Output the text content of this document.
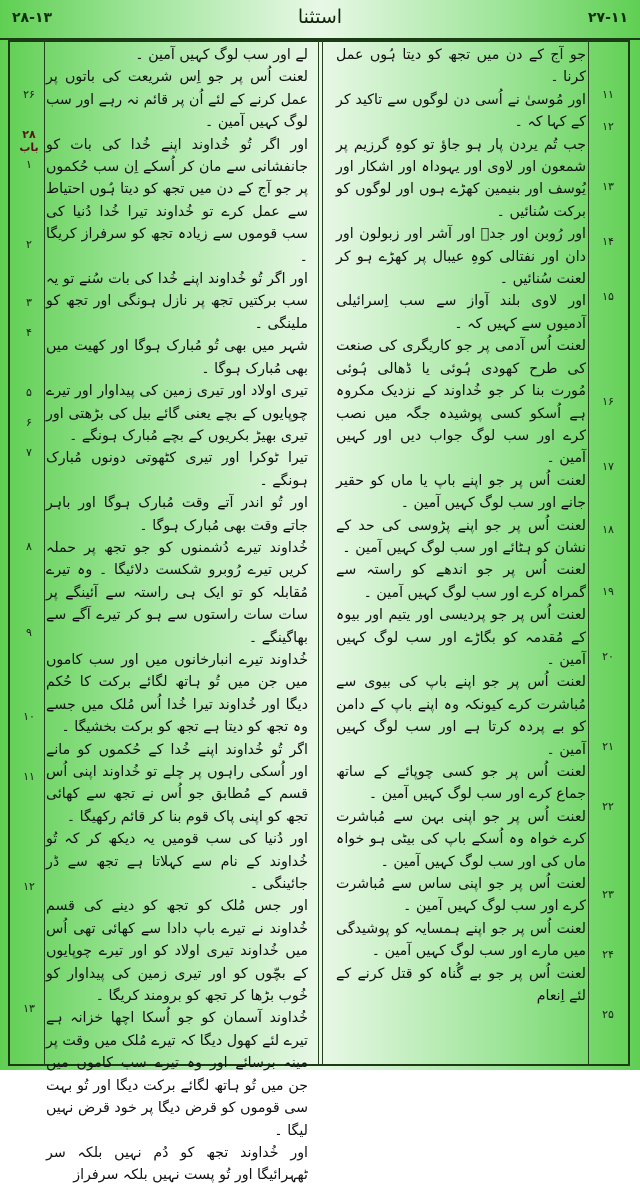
۲۷-۱۱
استثنا
۲۸-۱۳
۲۸
باب

جو آج کے دن میں تجھ کو دیتا ہُوں عمل کرنا ۔

اور مُوسیٰ نے اُسی دن لوگوں سے تاکید کر کے کہا کہ ۔

جب تُم یردن پار ہو جاؤ تو کوہِ گرزیم پر شمعون اور لاوی اور یہوداہ اور اشکار اور یُوسف اور بنیمین کھڑے ہوں اور لوگوں کو برکت سُنائیں ۔

اور رُوبن اور جدؔ اور آشر اور زبولون اور دان اور نفتالی کوہِ عیبال پر کھڑے ہو کر لعنت سُنائیں ۔

اور لاوی بلند آواز سے سب اِسرائیلی آدمیوں سے کہیں کہ ۔

لعنت اُس آدمی پر جو کاریگری کی صنعت کی طرح کھودی ہُوئی یا ڈھالی ہُوئی مُورت بنا کر جو خُداوند کے نزدیک مکروہ ہے اُسکو کسی پوشیدہ جگہ میں نصب کرے اور سب لوگ جواب دیں اور کہیں آمین ۔

لعنت اُس پر جو اپنے باپ یا ماں کو حقیر جانے اور سب لوگ کہیں آمین ۔

لعنت اُس پر جو اپنے پڑوسی کی حد کے نشان کو ہٹائے اور سب لوگ کہیں آمین ۔

لعنت اُس پر جو اندھے کو راستہ سے گمراہ کرے اور سب لوگ کہیں آمین ۔

لعنت اُس پر جو پردیسی اور یتیم اور بیوہ کے مُقدمہ کو بگاڑے اور سب لوگ کہیں آمین ۔

لعنت اُس پر جو اپنے باپ کی بیوی سے مُباشرت کرے کیونکہ وہ اپنے باپ کے دامن کو بے پردہ کرتا ہے اور سب لوگ کہیں آمین ۔

لعنت اُس پر جو کسی چوپائے کے ساتھ جماع کرے اور سب لوگ کہیں آمین ۔

لعنت اُس پر جو اپنی بہن سے مُباشرت کرے خواہ وہ اُسکے باپ کی بیٹی ہو خواہ ماں کی اور سب لوگ کہیں آمین ۔

لعنت اُس پر جو اپنی ساس سے مُباشرت کرے اور سب لوگ کہیں آمین ۔

لعنت اُس پر جو اپنے ہمسایہ کو پوشیدگی میں مارے اور سب لوگ کہیں آمین ۔

لعنت اُس پر جو بے گُناہ کو قتل کرنے کے لئے اِنعام

لے اور سب لوگ کہیں آمین ۔

لعنت اُس پر جو اِس شریعت کی باتوں پر عمل کرنے کے لئے اُن پر قائم نہ رہے اور سب لوگ کہیں آمین ۔

اور اگر تُو خُداوند اپنے خُدا کی بات کو جانفشانی سے مان کر اُسکے اِن سب حُکموں پر جو آج کے دن میں تجھ کو دیتا ہُوں احتیاط سے عمل کرے تو خُداوند تیرا خُدا دُنیا کی سب قوموں سے زیادہ تجھ کو سرفراز کریگا ۔

اور اگر تُو خُداوند اپنے خُدا کی بات سُنے تو یہ سب برکتیں تجھ پر نازل ہونگی اور تجھ کو ملینگی ۔

شہر میں بھی تُو مُبارک ہوگا اور کھیت میں بھی مُبارک ہوگا ۔

تیری اولاد اور تیری زمین کی پیداوار اور تیرے چوپایوں کے بچے یعنی گائے بیل کی بڑھتی اور تیری بھیڑ بکریوں کے بچے مُبارک ہونگے ۔

تیرا ٹوکرا اور تیری کٹھوتی دونوں مُبارک ہونگے ۔

اور تُو اندر آتے وقت مُبارک ہوگا اور باہر جاتے وقت بھی مُبارک ہوگا ۔

خُداوند تیرے دُشمنوں کو جو تجھ پر حملہ کریں تیرے رُوبرو شکست دلائیگا ۔ وہ تیرے مُقابلہ کو تو ایک ہی راستہ سے آئینگے پر سات سات راستوں سے ہو کر تیرے آگے سے بھاگینگے ۔

خُداوند تیرے انبارخانوں میں اور سب کاموں میں جن میں تُو ہاتھ لگائے برکت کا حُکم دیگا اور خُداوند تیرا خُدا اُس مُلک میں جسے وہ تجھ کو دیتا ہے تجھ کو برکت بخشیگا ۔

اگر تُو خُداوند اپنے خُدا کے حُکموں کو مانے اور اُسکی راہوں پر چلے تو خُداوند اپنی اُس قسم کے مُطابق جو اُس نے تجھ سے کھائی تجھ کو اپنی پاک قوم بنا کر قائم رکھیگا ۔

اور دُنیا کی سب قومیں یہ دیکھ کر کہ تُو خُداوند کے نام سے کہلاتا ہے تجھ سے ڈر جائینگی ۔

اور جس مُلک کو تجھ کو دینے کی قسم خُداوند نے تیرے باپ دادا سے کھائی تھی اُس میں خُداوند تیری اولاد کو اور تیرے چوپایوں کے بچّوں کو اور تیری زمین کی پیداوار کو خُوب بڑھا کر تجھ کو برومند کریگا ۔

خُداوند آسمان کو جو اُسکا اچھا خزانہ ہے تیرے لئے کھول دیگا کہ تیرے مُلک میں وقت پر مینہ برسائے اور وہ تیرے سب کاموں میں جن میں تُو ہاتھ لگائے برکت دیگا اور تُو بہت سی قوموں کو قرض دیگا پر خود قرض نہیں لیگا ۔

اور خُداوند تجھ کو دُم نہیں بلکہ سر ٹھہرائیگا اور تُو پست نہیں بلکہ سرفراز

۱۱
۱۲
۱۳
۱۴
۱۵
۱۶
۱۷
۱۸
۱۹
۲۰
۲۱
۲۲
۲۳
۲۴
۲۵
۲۶
۱
۲
۳
۴
۵
۶
۷
۸
۹
۱۰
۱۱
۱۲
۱۳
